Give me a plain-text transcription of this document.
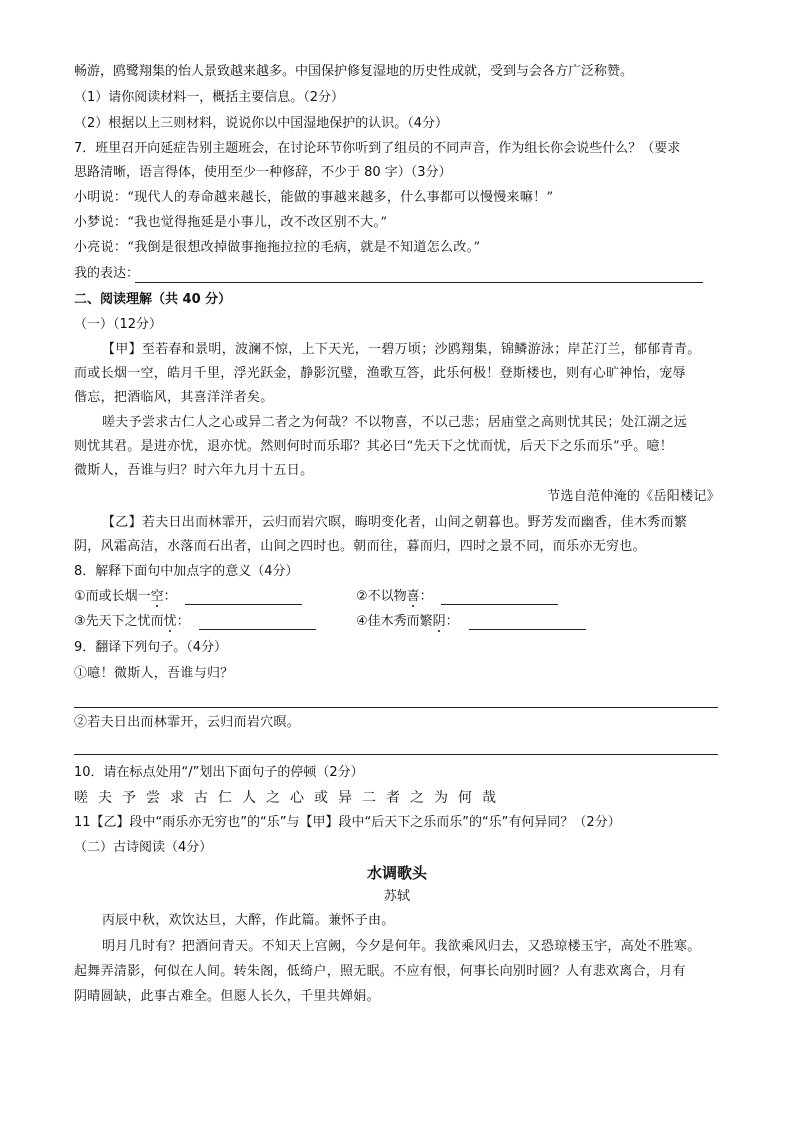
畅游，鸥鹭翔集的怡人景致越来越多。中国保护修复湿地的历史性成就，受到与会各方广泛称赞。
（1）请你阅读材料一，概括主要信息。（2分）
（2）根据以上三则材料，说说你以中国湿地保护的认识。（4分）
7．班里召开向延症告别主题班会，在讨论环节你听到了组员的不同声音，作为组长你会说些什么？（要求
思路清晰，语言得体，使用至少一种修辞，不少于 80 字）（3分）
小明说：“现代人的寿命越来越长，能做的事越来越多，什么事都可以慢慢来嘛！”
小梦说：“我也觉得拖延是小事儿，改不改区别不大。”
小亮说：“我倒是很想改掉做事拖拖拉拉的毛病，就是不知道怎么改。”
我的表达：
二、阅读理解（共 40 分）
（一）（12分）
【甲】至若春和景明，波澜不惊，上下天光，一碧万顷；沙鸥翔集，锦鳞游泳；岸芷汀兰，郁郁青青。
而或长烟一空，皓月千里，浮光跃金，静影沉璧，渔歌互答，此乐何极！登斯楼也，则有心旷神怡，宠辱
偕忘，把酒临风，其喜洋洋者矣。
嗟夫予尝求古仁人之心或异二者之为何哉？不以物喜，不以己悲；居庙堂之高则忧其民；处江湖之远
则忧其君。是进亦忧，退亦忧。然则何时而乐耶？其必曰“先天下之忧而忧，后天下之乐而乐”乎。噫！
微斯人，吾谁与归？时六年九月十五日。
节选自范仲淹的《岳阳楼记》
【乙】若夫日出而林霏开，云归而岩穴暝，晦明变化者，山间之朝暮也。野芳发而幽香，佳木秀而繁
阴，风霜高洁，水落而石出者，山间之四时也。朝而往，暮而归，四时之景不同，而乐亦无穷也。
8．解释下面句中加点字的意义（4分）
①而或长烟一空：	②不以物喜：
③先天下之忧而忧：	④佳木秀而繁阴：
9．翻译下列句子。（4分）
①噫！微斯人，吾谁与归？
②若夫日出而林霏开，云归而岩穴暝。
10．请在标点处用“/”划出下面句子的停顿（2分）
嗟夫予尝求古仁人之心或异二者之为何哉
11【乙】段中“雨乐亦无穷也”的“乐”与【甲】段中“后天下之乐而乐”的“乐”有何异同？（2分）
（二）古诗阅读（4分）
水调歌头
苏轼
丙辰中秋，欢饮达旦，大醉，作此篇。兼怀子由。
明月几时有？把酒问青天。不知天上宫阙，今夕是何年。我欲乘风归去，又恐琼楼玉宇，高处不胜寒。
起舞弄清影，何似在人间。转朱阁，低绮户，照无眠。不应有恨，何事长向别时圆？人有悲欢离合，月有
阴晴圆缺，此事古难全。但愿人长久，千里共婵娟。
